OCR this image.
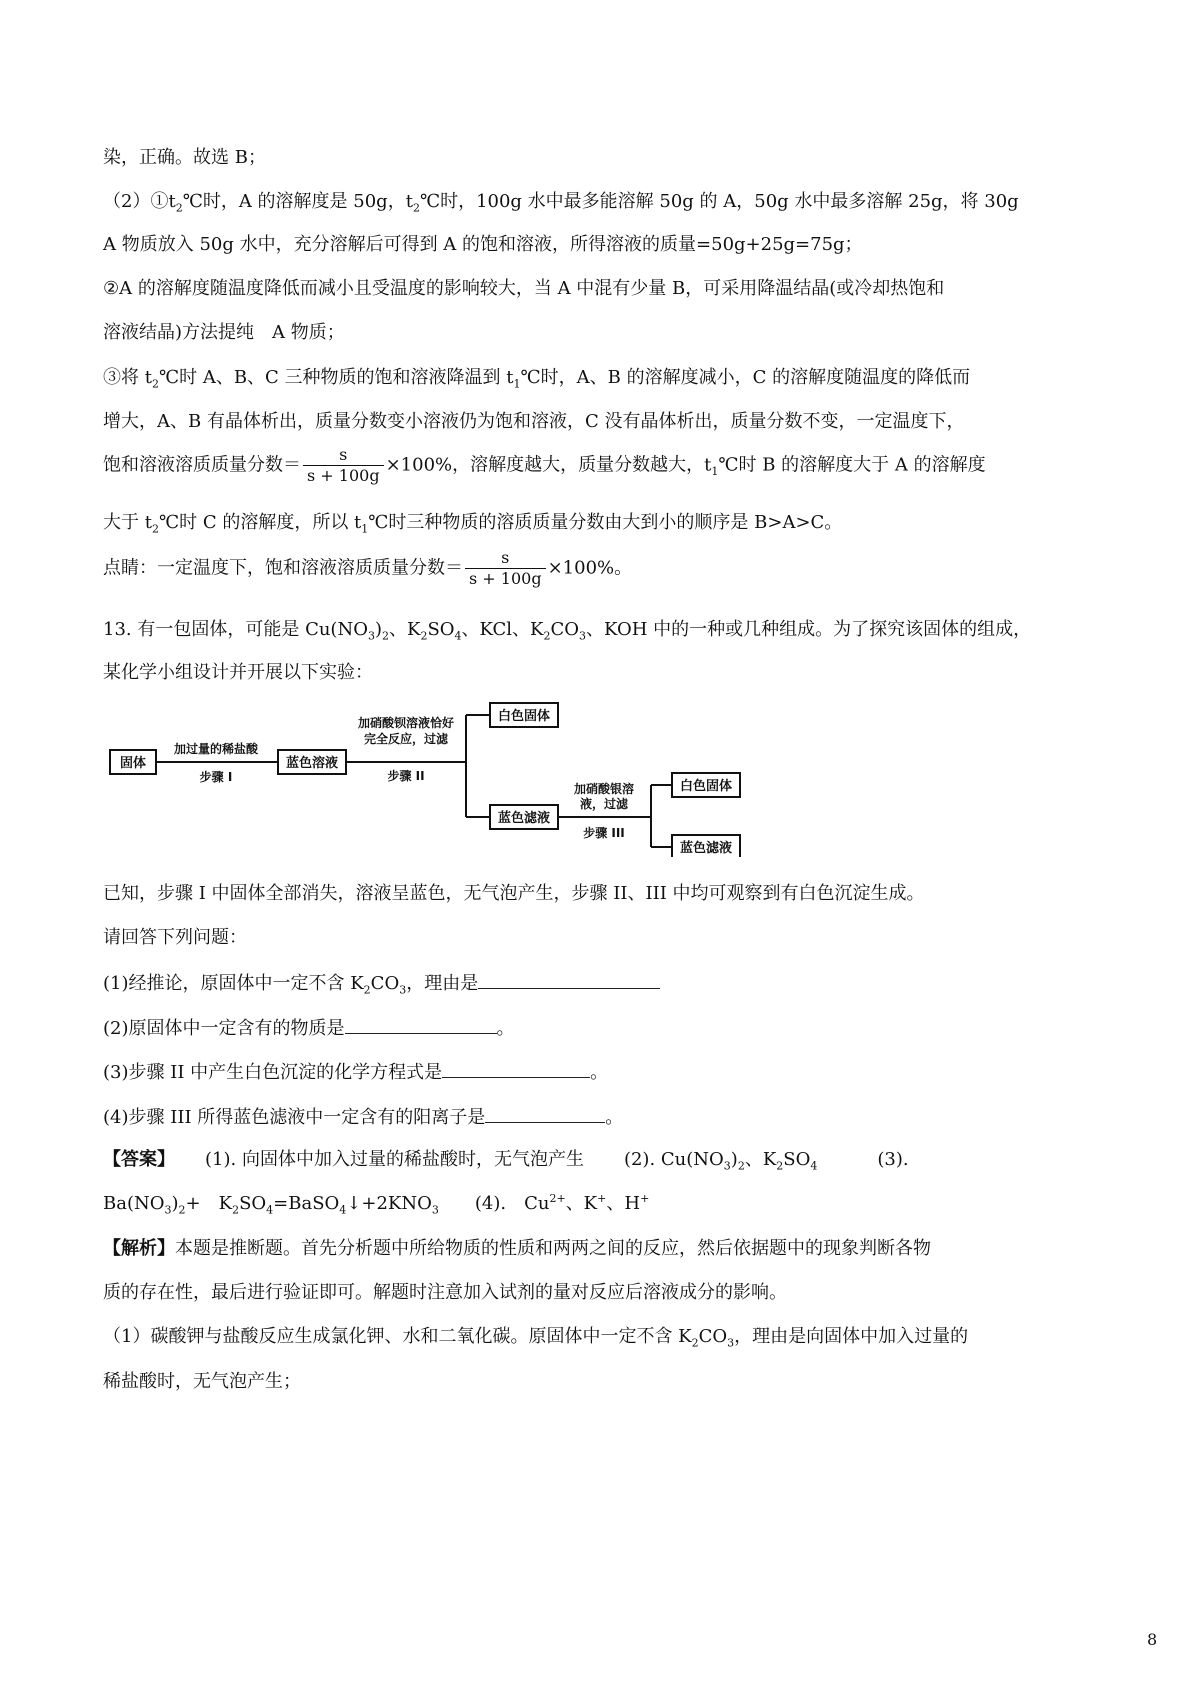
染，正确。故选 B；
$(2)①t_2℃$时，A 的溶解度是 50g，$t_2℃$时，100g 水中最多能溶解 50g 的 A，50g 水中最多溶解 25g，将 30g
A 物质放入 50g 水中，充分溶解后可得到 A 的饱和溶液，所得溶液的质量=50g+25g=75g；
②A 的溶解度随温度降低而减小且受温度的影响较大，当 A 中混有少量 B，可采用降温结晶(或冷却热饱和
溶液结晶)方法提纯　A 物质；
③将 $t_2℃$时 A、B、C 三种物质的饱和溶液降温到 $t_1℃$时，A、B 的溶解度减小，C 的溶解度随温度的降低而
增大，A、B 有晶体析出，质量分数变小溶液仍为饱和溶液，C 没有晶体析出，质量分数不变，一定温度下，
饱和溶液溶质质量分数＝ $\frac{s}{s + 100g} \times 100\%$，溶解度越大，质量分数越大，$t_1℃$时 B 的溶解度大于 A 的溶解度
大于 $t_2℃$时 C 的溶解度，所以 $t_1℃$时三种物质的溶质质量分数由大到小的顺序是 B>A>C。
点睛：一定温度下，饱和溶液溶质质量分数＝ $\frac{s}{s + 100g} \times 100\%$。
13. 有一包固体，可能是 $Cu(NO_3)_2$、$K_2SO_4$、KCl、$K_2CO_3$、KOH 中的一种或几种组成。为了探究该固体的组成，
某化学小组设计并开展以下实验：
固体
加过量的稀盐酸
步骤 I
蓝色溶液
加硝酸钡溶液恰好
完全反应，过滤
步骤 II
白色固体
蓝色滤液
加硝酸银溶
液，过滤
步骤 III
白色固体
蓝色滤液
已知，步骤 I 中固体全部消失，溶液呈蓝色，无气泡产生，步骤 II、III 中均可观察到有白色沉淀生成。
请回答下列问题：
(1)经推论，原固体中一定不含 $K_2CO_3$，理由是
(2)原固体中一定含有的物质是	。
(3)步骤 II 中产生白色沉淀的化学方程式是	。
(4)步骤 III 所得蓝色滤液中一定含有的阳离子是	。
【答案】 (1). 向固体中加入过量的稀盐酸时，无气泡产生 (2). $Cu(NO_3)_2$、$K_2SO_4$	(3).
$Ba(NO_3)_2+$　$K_2SO_4=BaSO_4↓+2KNO_3$ (4).　$Cu^{2+}$、K+、H+
【解析】本题是推断题。首先分析题中所给物质的性质和两两之间的反应，然后依据题中的现象判断各物
质的存在性，最后进行验证即可。解题时注意加入试剂的量对反应后溶液成分的影响。
（1）碳酸钾与盐酸反应生成氯化钾、水和二氧化碳。原固体中一定不含 $K_2CO_3$，理由是向固体中加入过量的
稀盐酸时，无气泡产生；
8
